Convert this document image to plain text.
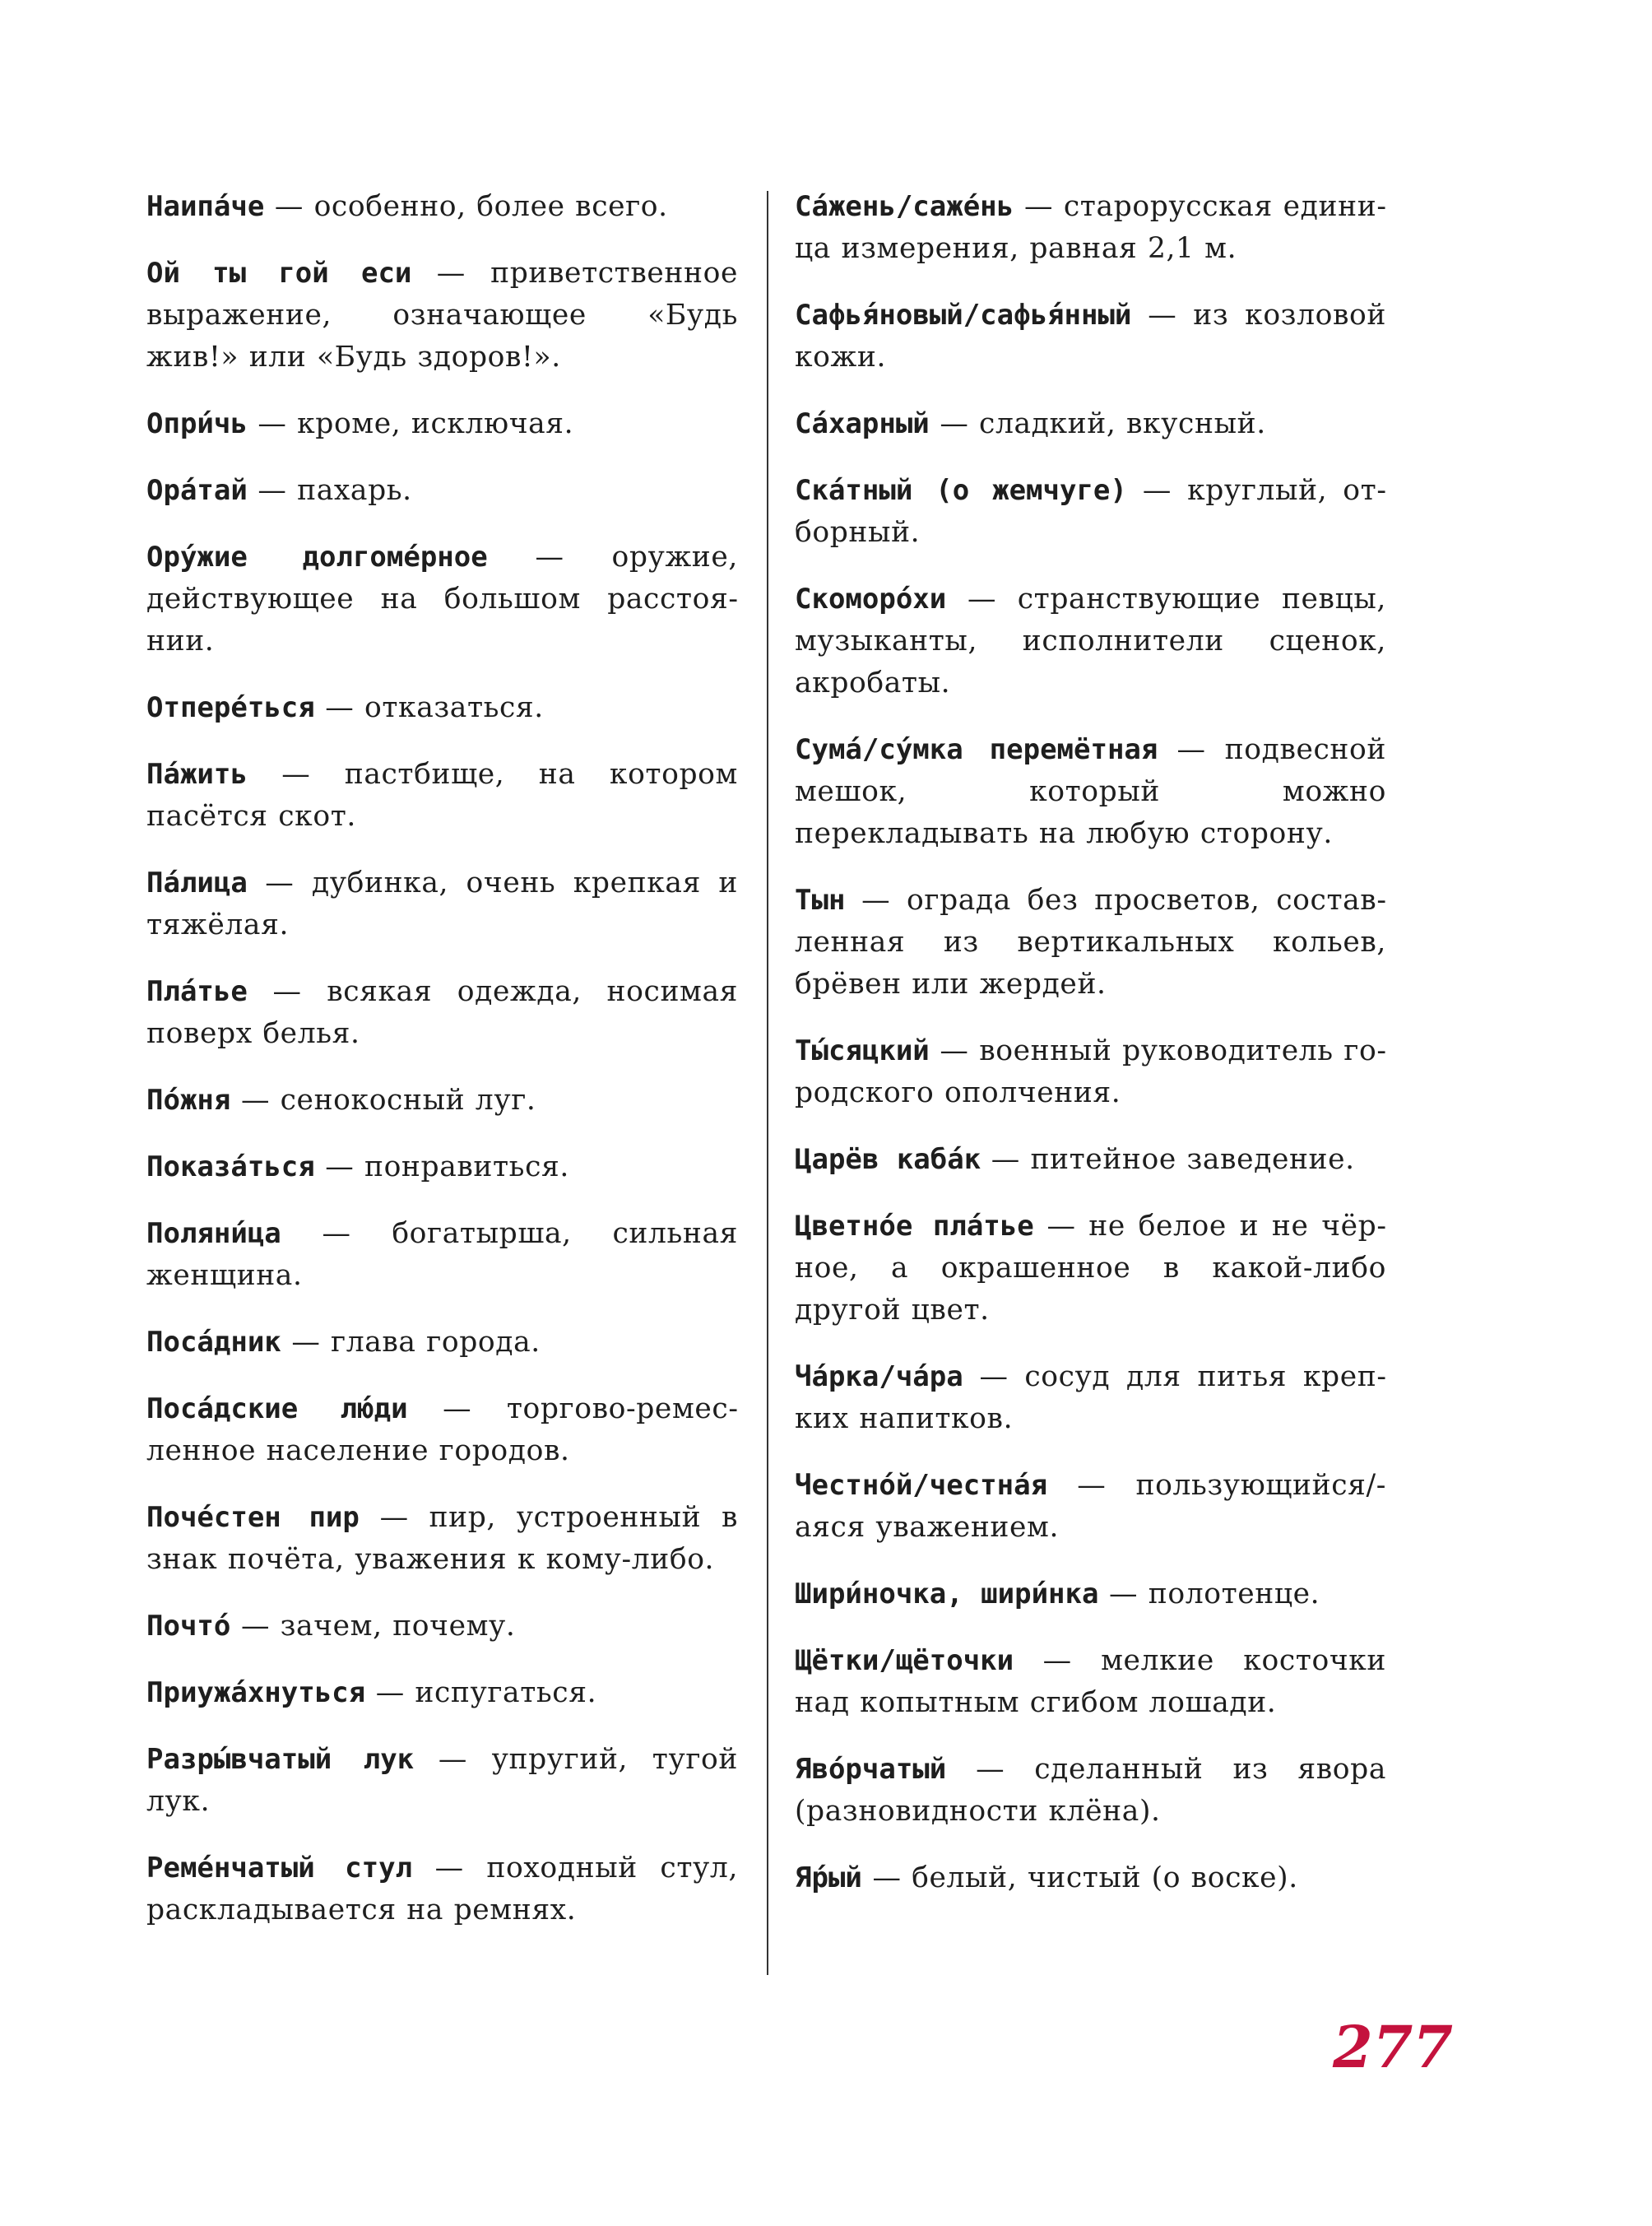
Наипа́че — особенно, более всего.

Ой ты гой еси — приветственное выражение, означающее «Будь жив!» или «Будь здоров!».

Опри́чь — кроме, исключая.

Ора́тай — пахарь.

Ору́жие долгоме́рное — оружие, действующее на большом расстоянии.

Отпере́ться — отказаться.

Па́жить — пастбище, на котором пасётся скот.

Па́лица — дубинка, очень крепкая и тяжёлая.

Пла́тье — всякая одежда, носимая поверх белья.

По́жня — сенокосный луг.

Показа́ться — понравиться.

Поляни́ца — богатырша, сильная женщина.

Поса́дник — глава города.

Поса́дские лю́ди — торгово-ремесленное население городов.

Поче́стен пир — пир, устроенный в знак почёта, уважения к кому-либо.

Почто́ — зачем, почему.

Приужа́хнуться — испугаться.

Разры́вчатый лук — упругий, тугой лук.

Реме́нчатый стул — походный стул, раскладывается на ремнях.

Са́жень/саже́нь — старорусская единица измерения, равная 2,1 м.

Сафья́новый/сафья́нный — из козловой кожи.

Са́харный — сладкий, вкусный.

Ска́тный (о жемчуге) — круглый, отборный.

Скоморо́хи — странствующие певцы, музыканты, исполнители сценок, акробаты.

Сума́/су́мка перемётная — подвесной мешок, который можно перекладывать на любую сторону.

Тын — ограда без просветов, составленная из вертикальных кольев, брёвен или жердей.

Ты́сяцкий — военный руководитель городского ополчения.

Царёв каба́к — питейное заведение.

Цветно́е пла́тье — не белое и не чёрное, а окрашенное в какой-либо другой цвет.

Ча́рка/ча́ра — сосуд для питья крепких напитков.

Честно́й/честна́я — пользующийся/-аяся уважением.

Шири́ночка, шири́нка — полотенце.

Щётки/щёточки — мелкие косточки над копытным сгибом лошади.

Яво́рчатый — сделанный из явора (разновидности клёна).

Я́рый — белый, чистый (о воске).

277
